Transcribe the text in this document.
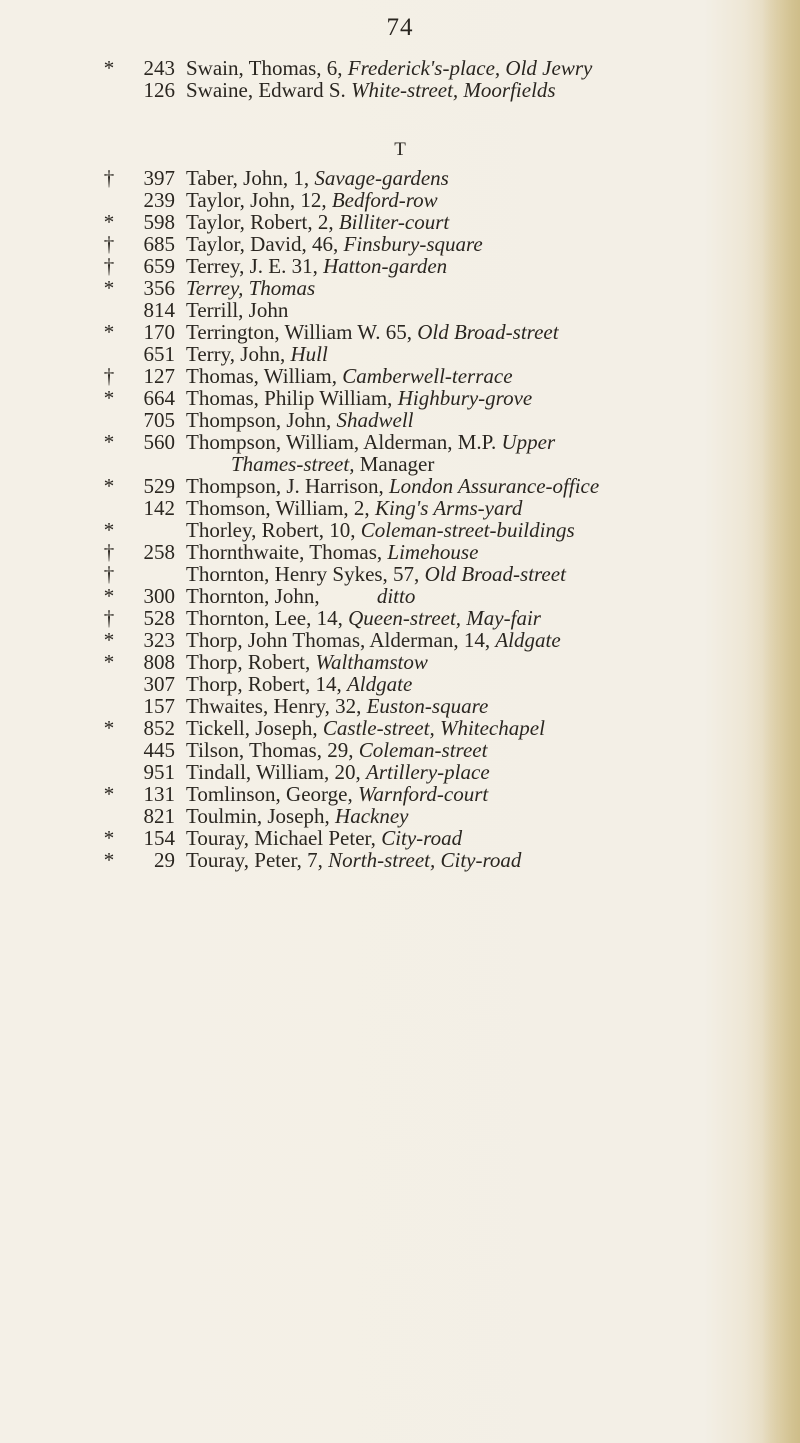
74
*	243 Swain, Thomas, 6, Frederick's-place, Old Jewry
126 Swaine, Edward S. White-street, Moorfields
T
†	397 Taber, John, 1, Savage-gardens
239 Taylor, John, 12, Bedford-row
*	598 Taylor, Robert, 2, Billiter-court
†	685 Taylor, David, 46, Finsbury-square
†	659 Terrey, J. E. 31, Hatton-garden
*	356 Terrey, Thomas
814 Terrill, John
*	170 Terrington, William W. 65, Old Broad-street
651 Terry, John, Hull
†	127 Thomas, William, Camberwell-terrace
*	664 Thomas, Philip William, Highbury-grove
705 Thompson, John, Shadwell
*	560 Thompson, William, Alderman, M.P. Upper
Thames-street, Manager
*	529 Thompson, J. Harrison, London Assurance-office
142 Thomson, William, 2, King's Arms-yard
*	Thorley, Robert, 10, Coleman-street-buildings
†	258 Thornthwaite, Thomas, Limehouse
†	Thornton, Henry Sykes, 57, Old Broad-street
*	300 Thornton, John, ditto
†	528 Thornton, Lee, 14, Queen-street, May-fair
*	323 Thorp, John Thomas, Alderman, 14, Aldgate
*	808 Thorp, Robert, Walthamstow
307 Thorp, Robert, 14, Aldgate
157 Thwaites, Henry, 32, Euston-square
*	852 Tickell, Joseph, Castle-street, Whitechapel
445 Tilson, Thomas, 29, Coleman-street
951 Tindall, William, 20, Artillery-place
*	131 Tomlinson, George, Warnford-court
821 Toulmin, Joseph, Hackney
*	154 Touray, Michael Peter, City-road
*	29 Touray, Peter, 7, North-street, City-road
